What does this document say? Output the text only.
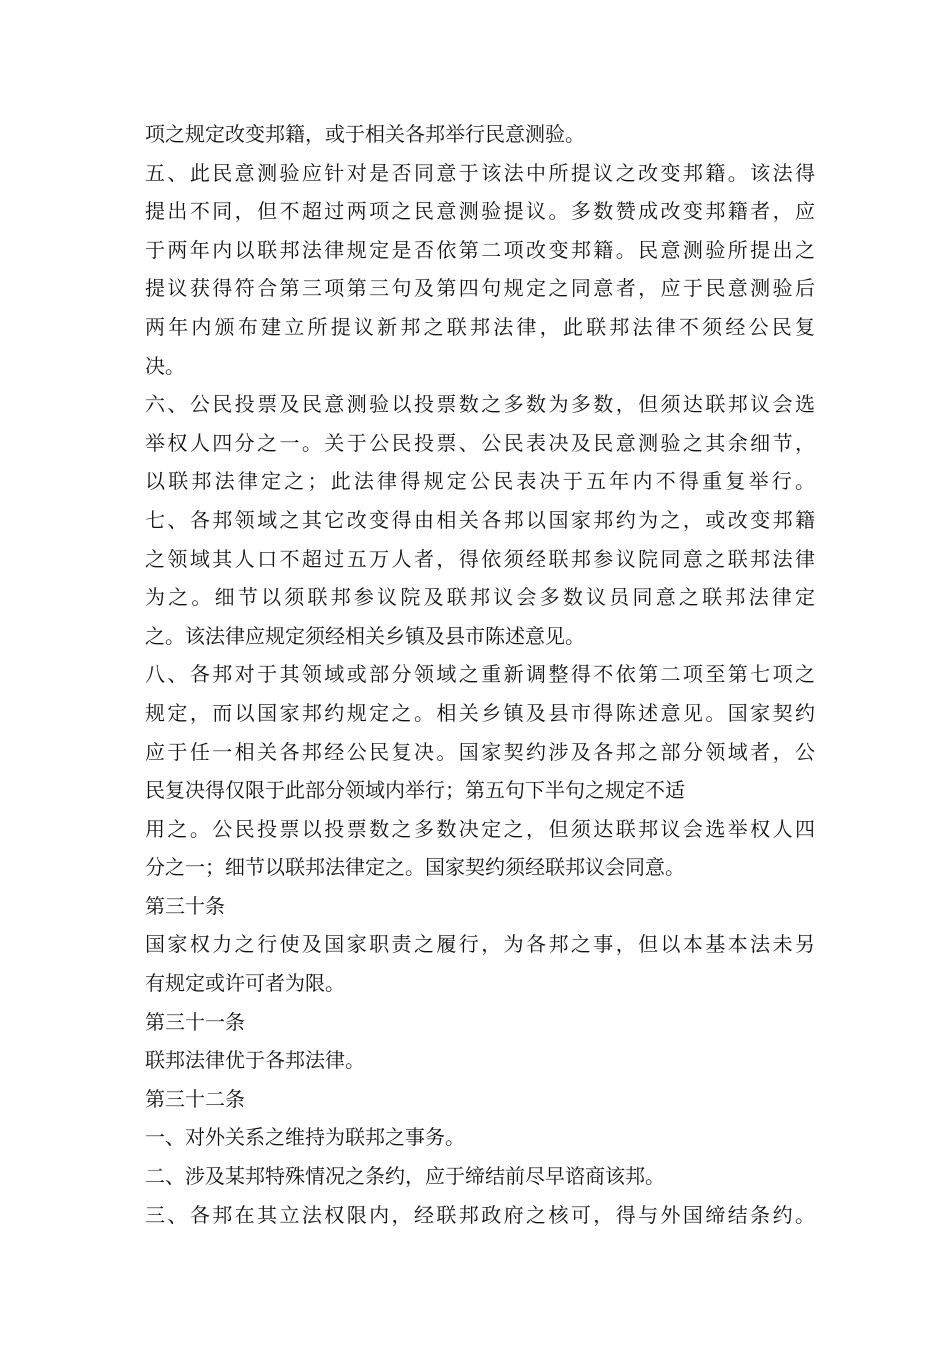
项之规定改变邦籍，或于相关各邦举行民意测验。
五、此民意测验应针对是否同意于该法中所提议之改变邦籍。该法得
提出不同，但不超过两项之民意测验提议。多数赞成改变邦籍者，应
于两年内以联邦法律规定是否依第二项改变邦籍。民意测验所提出之
提议获得符合第三项第三句及第四句规定之同意者，应于民意测验后
两年内颁布建立所提议新邦之联邦法律，此联邦法律不须经公民复
决。
六、公民投票及民意测验以投票数之多数为多数，但须达联邦议会选
举权人四分之一。关于公民投票、公民表决及民意测验之其余细节，
以联邦法律定之；此法律得规定公民表决于五年内不得重复举行。
七、各邦领域之其它改变得由相关各邦以国家邦约为之，或改变邦籍
之领域其人口不超过五万人者，得依须经联邦参议院同意之联邦法律
为之。细节以须联邦参议院及联邦议会多数议员同意之联邦法律定
之。该法律应规定须经相关乡镇及县市陈述意见。
八、各邦对于其领域或部分领域之重新调整得不依第二项至第七项之
规定，而以国家邦约规定之。相关乡镇及县市得陈述意见。国家契约
应于任一相关各邦经公民复决。国家契约涉及各邦之部分领域者，公
民复决得仅限于此部分领域内举行；第五句下半句之规定不适
用之。公民投票以投票数之多数决定之，但须达联邦议会选举权人四
分之一；细节以联邦法律定之。国家契约须经联邦议会同意。
第三十条
国家权力之行使及国家职责之履行，为各邦之事，但以本基本法未另
有规定或许可者为限。
第三十一条
联邦法律优于各邦法律。
第三十二条
一、对外关系之维持为联邦之事务。
二、涉及某邦特殊情况之条约，应于缔结前尽早谘商该邦。
三、各邦在其立法权限内，经联邦政府之核可，得与外国缔结条约。
